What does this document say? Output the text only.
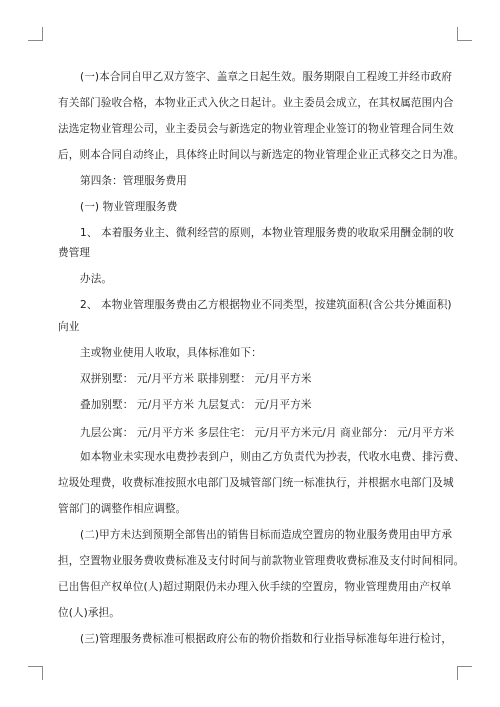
(一)本合同自甲乙双方签字、盖章之日起生效。服务期限自工程竣工并经市政府
有关部门验收合格，本物业正式入伙之日起计。业主委员会成立，在其权属范围内合
法选定物业管理公司，业主委员会与新选定的物业管理企业签订的物业管理合同生效
后，则本合同自动终止，具体终止时间以与新选定的物业管理企业正式移交之日为准。
第四条：管理服务费用
(一) 物业管理服务费
1、 本着服务业主、微利经营的原则，本物业管理服务费的收取采用酬金制的收
费管理
办法。
2、 本物业管理服务费由乙方根据物业不同类型，按建筑面积(含公共分摊面积)
向业
主或物业使用人收取，具体标准如下：
双拼别墅： 元/月平方米 联排别墅： 元/月平方米
叠加别墅： 元/月平方米 九层复式： 元/月平方米
九层公寓： 元/月平方米 多层住宅： 元/月平方米元/月 商业部分： 元/月平方米
如本物业未实现水电费抄表到户，则由乙方负责代为抄表，代收水电费、排污费、
垃圾处理费，收费标准按照水电部门及城管部门统一标准执行，并根据水电部门及城
管部门的调整作相应调整。
(二)甲方未达到预期全部售出的销售目标而造成空置房的物业服务费用由甲方承
担，空置物业服务费收费标准及支付时间与前款物业管理费收费标准及支付时间相同。
已出售但产权单位(人)超过期限仍未办理入伙手续的空置房，物业管理费用由产权单
位(人)承担。
(三)管理服务费标准可根据政府公布的物价指数和行业指导标准每年进行检讨，
